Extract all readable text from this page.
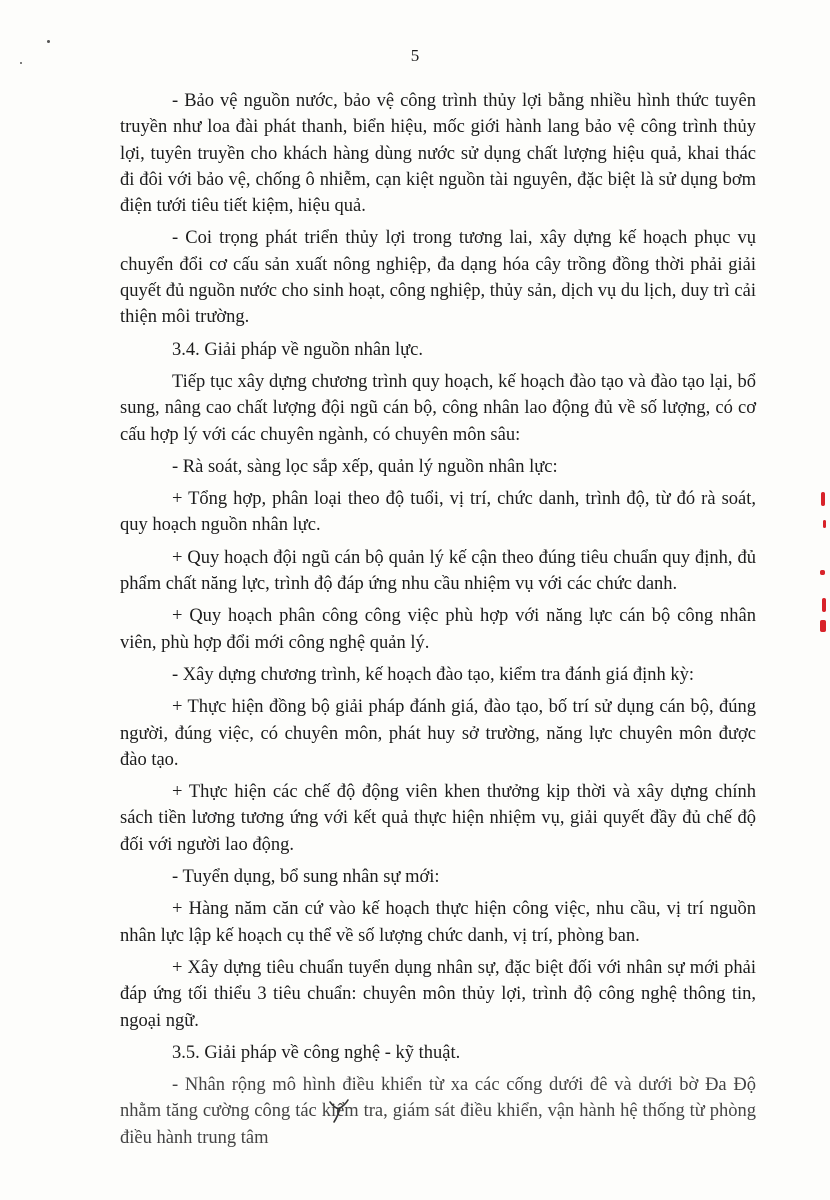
5

- Bảo vệ nguồn nước, bảo vệ công trình thủy lợi bằng nhiều hình thức tuyên truyền như loa đài phát thanh, biển hiệu, mốc giới hành lang bảo vệ công trình thủy lợi, tuyên truyền cho khách hàng dùng nước sử dụng chất lượng hiệu quả, khai thác đi đôi với bảo vệ, chống ô nhiễm, cạn kiệt nguồn tài nguyên, đặc biệt là sử dụng bơm điện tưới tiêu tiết kiệm, hiệu quả.

- Coi trọng phát triển thủy lợi trong tương lai, xây dựng kế hoạch phục vụ chuyển đổi cơ cấu sản xuất nông nghiệp, đa dạng hóa cây trồng đồng thời phải giải quyết đủ nguồn nước cho sinh hoạt, công nghiệp, thủy sản, dịch vụ du lịch, duy trì cải thiện môi trường.

3.4. Giải pháp về nguồn nhân lực.

Tiếp tục xây dựng chương trình quy hoạch, kế hoạch đào tạo và đào tạo lại, bổ sung, nâng cao chất lượng đội ngũ cán bộ, công nhân lao động đủ về số lượng, có cơ cấu hợp lý với các chuyên ngành, có chuyên môn sâu:

- Rà soát, sàng lọc sắp xếp, quản lý nguồn nhân lực:

+ Tổng hợp, phân loại theo độ tuổi, vị trí, chức danh, trình độ, từ đó rà soát, quy hoạch nguồn nhân lực.

+ Quy hoạch đội ngũ cán bộ quản lý kế cận theo đúng tiêu chuẩn quy định, đủ phẩm chất năng lực, trình độ đáp ứng nhu cầu nhiệm vụ với các chức danh.

+ Quy hoạch phân công công việc phù hợp với năng lực cán bộ công nhân viên, phù hợp đổi mới công nghệ quản lý.

- Xây dựng chương trình, kế hoạch đào tạo, kiểm tra đánh giá định kỳ:

+ Thực hiện đồng bộ giải pháp đánh giá, đào tạo, bố trí sử dụng cán bộ, đúng người, đúng việc, có chuyên môn, phát huy sở trường, năng lực chuyên môn được đào tạo.

+ Thực hiện các chế độ động viên khen thưởng kịp thời và xây dựng chính sách tiền lương tương ứng với kết quả thực hiện nhiệm vụ, giải quyết đầy đủ chế độ đối với người lao động.

- Tuyển dụng, bổ sung nhân sự mới:

+ Hàng năm căn cứ vào kế hoạch thực hiện công việc, nhu cầu, vị trí nguồn nhân lực lập kế hoạch cụ thể về số lượng chức danh, vị trí, phòng ban.

+ Xây dựng tiêu chuẩn tuyển dụng nhân sự, đặc biệt đối với nhân sự mới phải đáp ứng tối thiểu 3 tiêu chuẩn: chuyên môn thủy lợi, trình độ công nghệ thông tin, ngoại ngữ.

3.5. Giải pháp về công nghệ - kỹ thuật.

- Nhân rộng mô hình điều khiển từ xa các cống dưới đê và dưới bờ Đa Độ nhằm tăng cường công tác kiểm tra, giám sát điều khiển, vận hành hệ thống từ phòng điều hành trung tâm
